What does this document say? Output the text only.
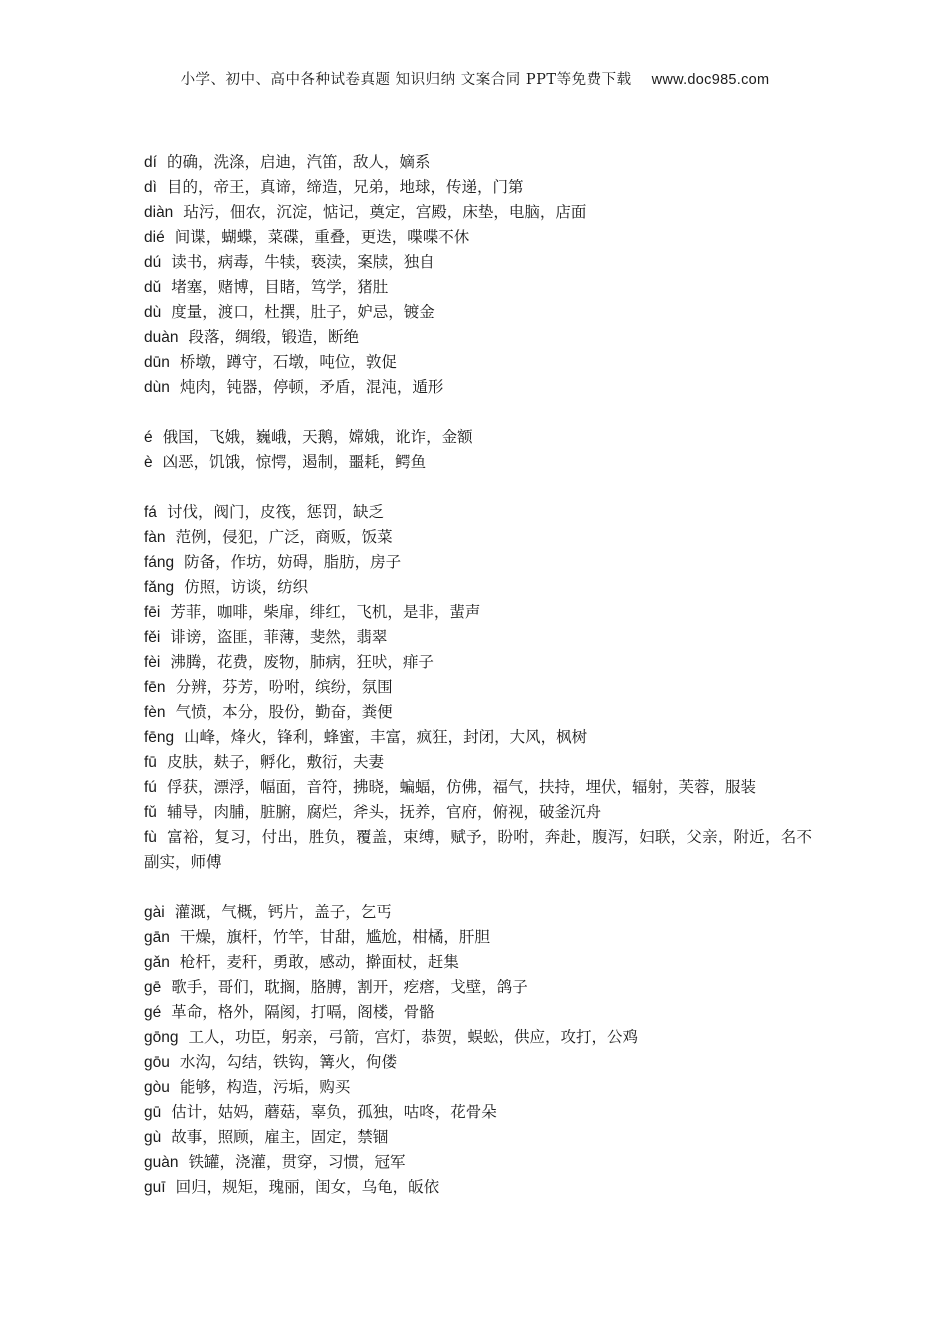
小学、初中、高中各种试卷真题 知识归纳 文案合同 PPT等免费下载 www.doc985.com

dí 的确，洗涤，启迪，汽笛，敌人，嫡系

dì 目的，帝王，真谛，缔造，兄弟，地球，传递，门第

diàn 玷污，佃农，沉淀，惦记，奠定，宫殿，床垫，电脑，店面

dié 间谍，蝴蝶，菜碟，重叠，更迭，喋喋不休

dú 读书，病毒，牛犊，亵渎，案牍，独自

dǔ 堵塞，赌博，目睹，笃学，猪肚

dù 度量，渡口，杜撰，肚子，妒忌，镀金

duàn 段落，绸缎，锻造，断绝

dūn 桥墩，蹲守，石墩，吨位，敦促

dùn 炖肉，钝器，停顿，矛盾，混沌，遁形

é 俄国，飞娥，巍峨，天鹅，嫦娥，讹诈，金额

è 凶恶，饥饿，惊愕，遏制，噩耗，鳄鱼

fá 讨伐，阀门，皮筏，惩罚，缺乏

fàn 范例，侵犯，广泛，商贩，饭菜

fáng 防备，作坊，妨碍，脂肪，房子

fǎng 仿照，访谈，纺织

fēi 芳菲，咖啡，柴扉，绯红，飞机，是非，蜚声

fěi 诽谤，盗匪，菲薄，斐然，翡翠

fèi 沸腾，花费，废物，肺病，狂吠，痱子

fēn 分辨，芬芳，吩咐，缤纷，氛围

fèn 气愤，本分，股份，勤奋，粪便

fēng 山峰，烽火，锋利，蜂蜜，丰富，疯狂，封闭，大风，枫树

fū 皮肤，麸子，孵化，敷衍，夫妻

fú 俘获，漂浮，幅面，音符，拂晓，蝙蝠，仿佛，福气，扶持，埋伏，辐射，芙蓉，服装

fǔ 辅导，肉脯，脏腑，腐烂，斧头，抚养，官府，俯视，破釜沉舟

fù 富裕，复习，付出，胜负，覆盖，束缚，赋予，盼咐，奔赴，腹泻，妇联，父亲，附近，名不副实，师傅

gài 灌溉，气概，钙片，盖子，乞丐

gān 干燥，旗杆，竹竿，甘甜，尴尬，柑橘，肝胆

gǎn 枪杆，麦秆，勇敢，感动，擀面杖，赶集

gē 歌手，哥们，耽搁，胳膊，割开，疙瘩，戈壁，鸽子

gé 革命，格外，隔阂，打嗝，阁楼，骨骼

gōng 工人，功臣，躬亲，弓箭，宫灯，恭贺，蜈蚣，供应，攻打，公鸡

gōu 水沟，勾结，铁钩，篝火，佝偻

gòu 能够，构造，污垢，购买

gū 估计，姑妈，蘑菇，辜负，孤独，咕咚，花骨朵

gù 故事，照顾，雇主，固定，禁锢

guàn 铁罐，浇灌，贯穿，习惯，冠军

guī 回归，规矩，瑰丽，闺女，乌龟，皈依
